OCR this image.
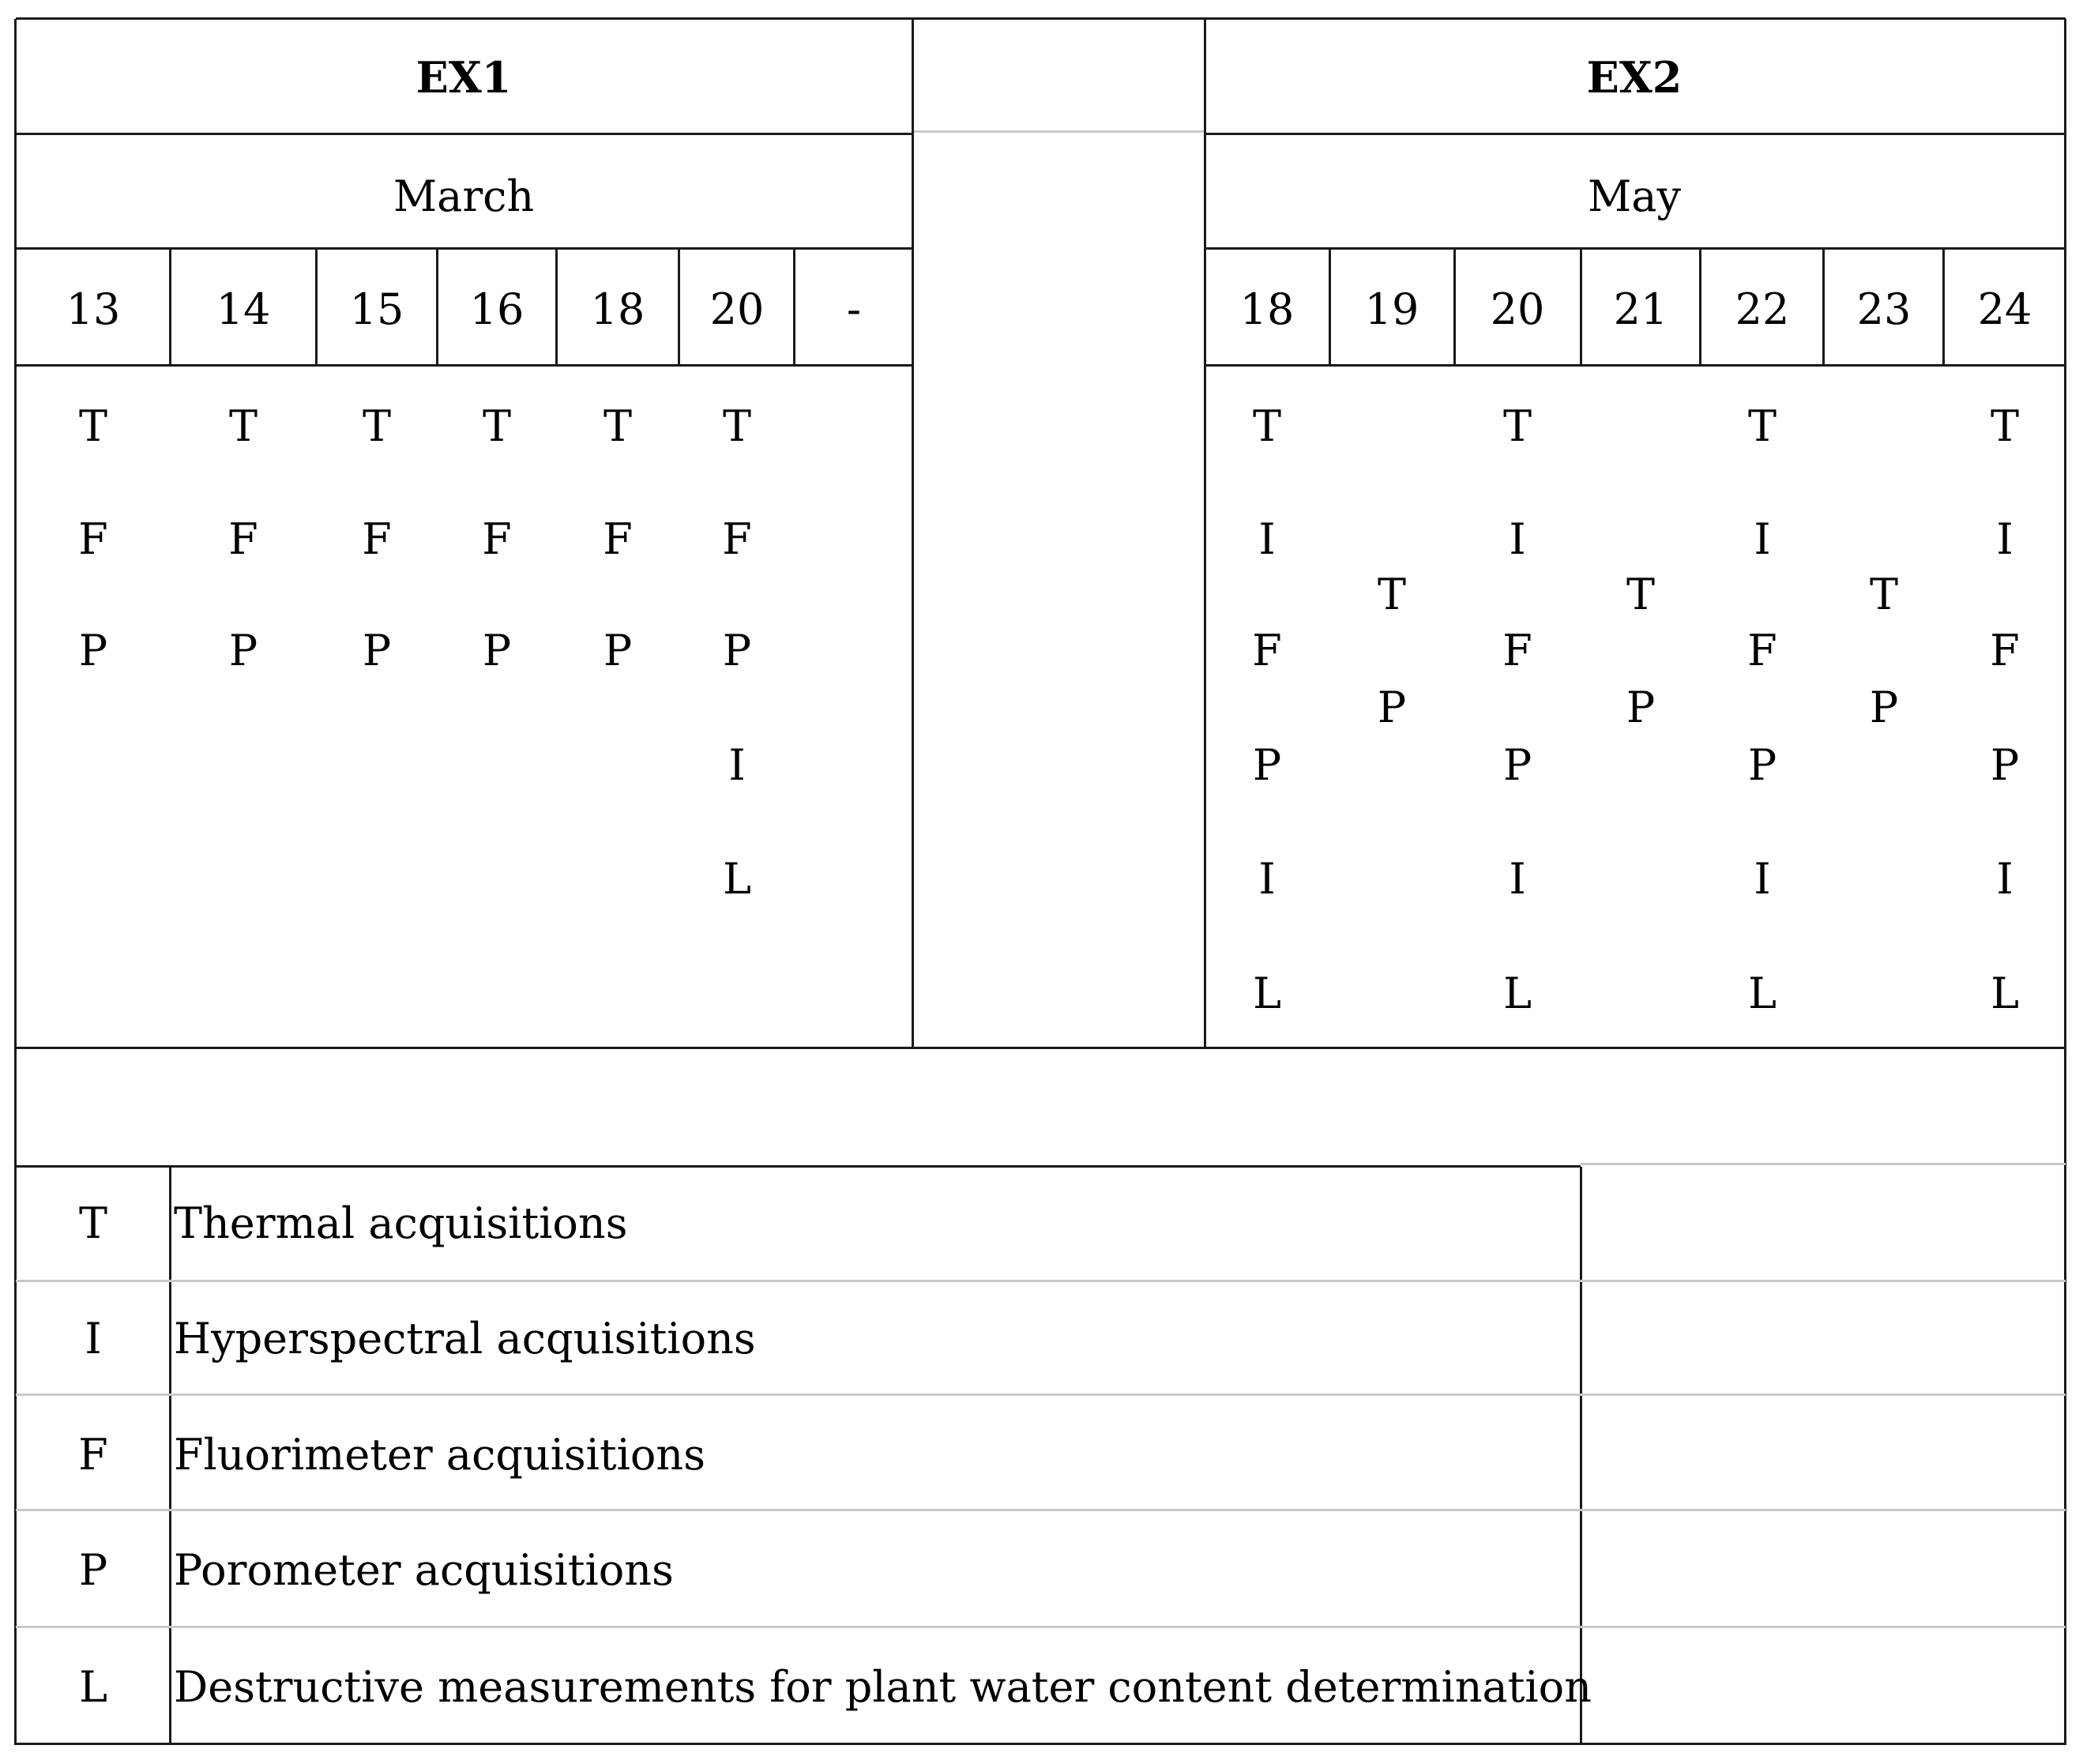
EX1
March
13
T
F
P
14
T
F
P
15
T
F
P
16
T
F
P
18
T
F
P
20
T
F
P
I
L
-
EX2
May
18
T
I
F
P
I
L
19
T
P
20
T
I
F
P
I
L
21
T
P
22
T
I
F
P
I
L
23
T
P
24
T
I
F
P
I
L
T Thermal acquisitions
I Hyperspectral acquisitions
F Fluorimeter acquisitions
P Porometer acquisitions
L Destructive measurements for plant water content determination
